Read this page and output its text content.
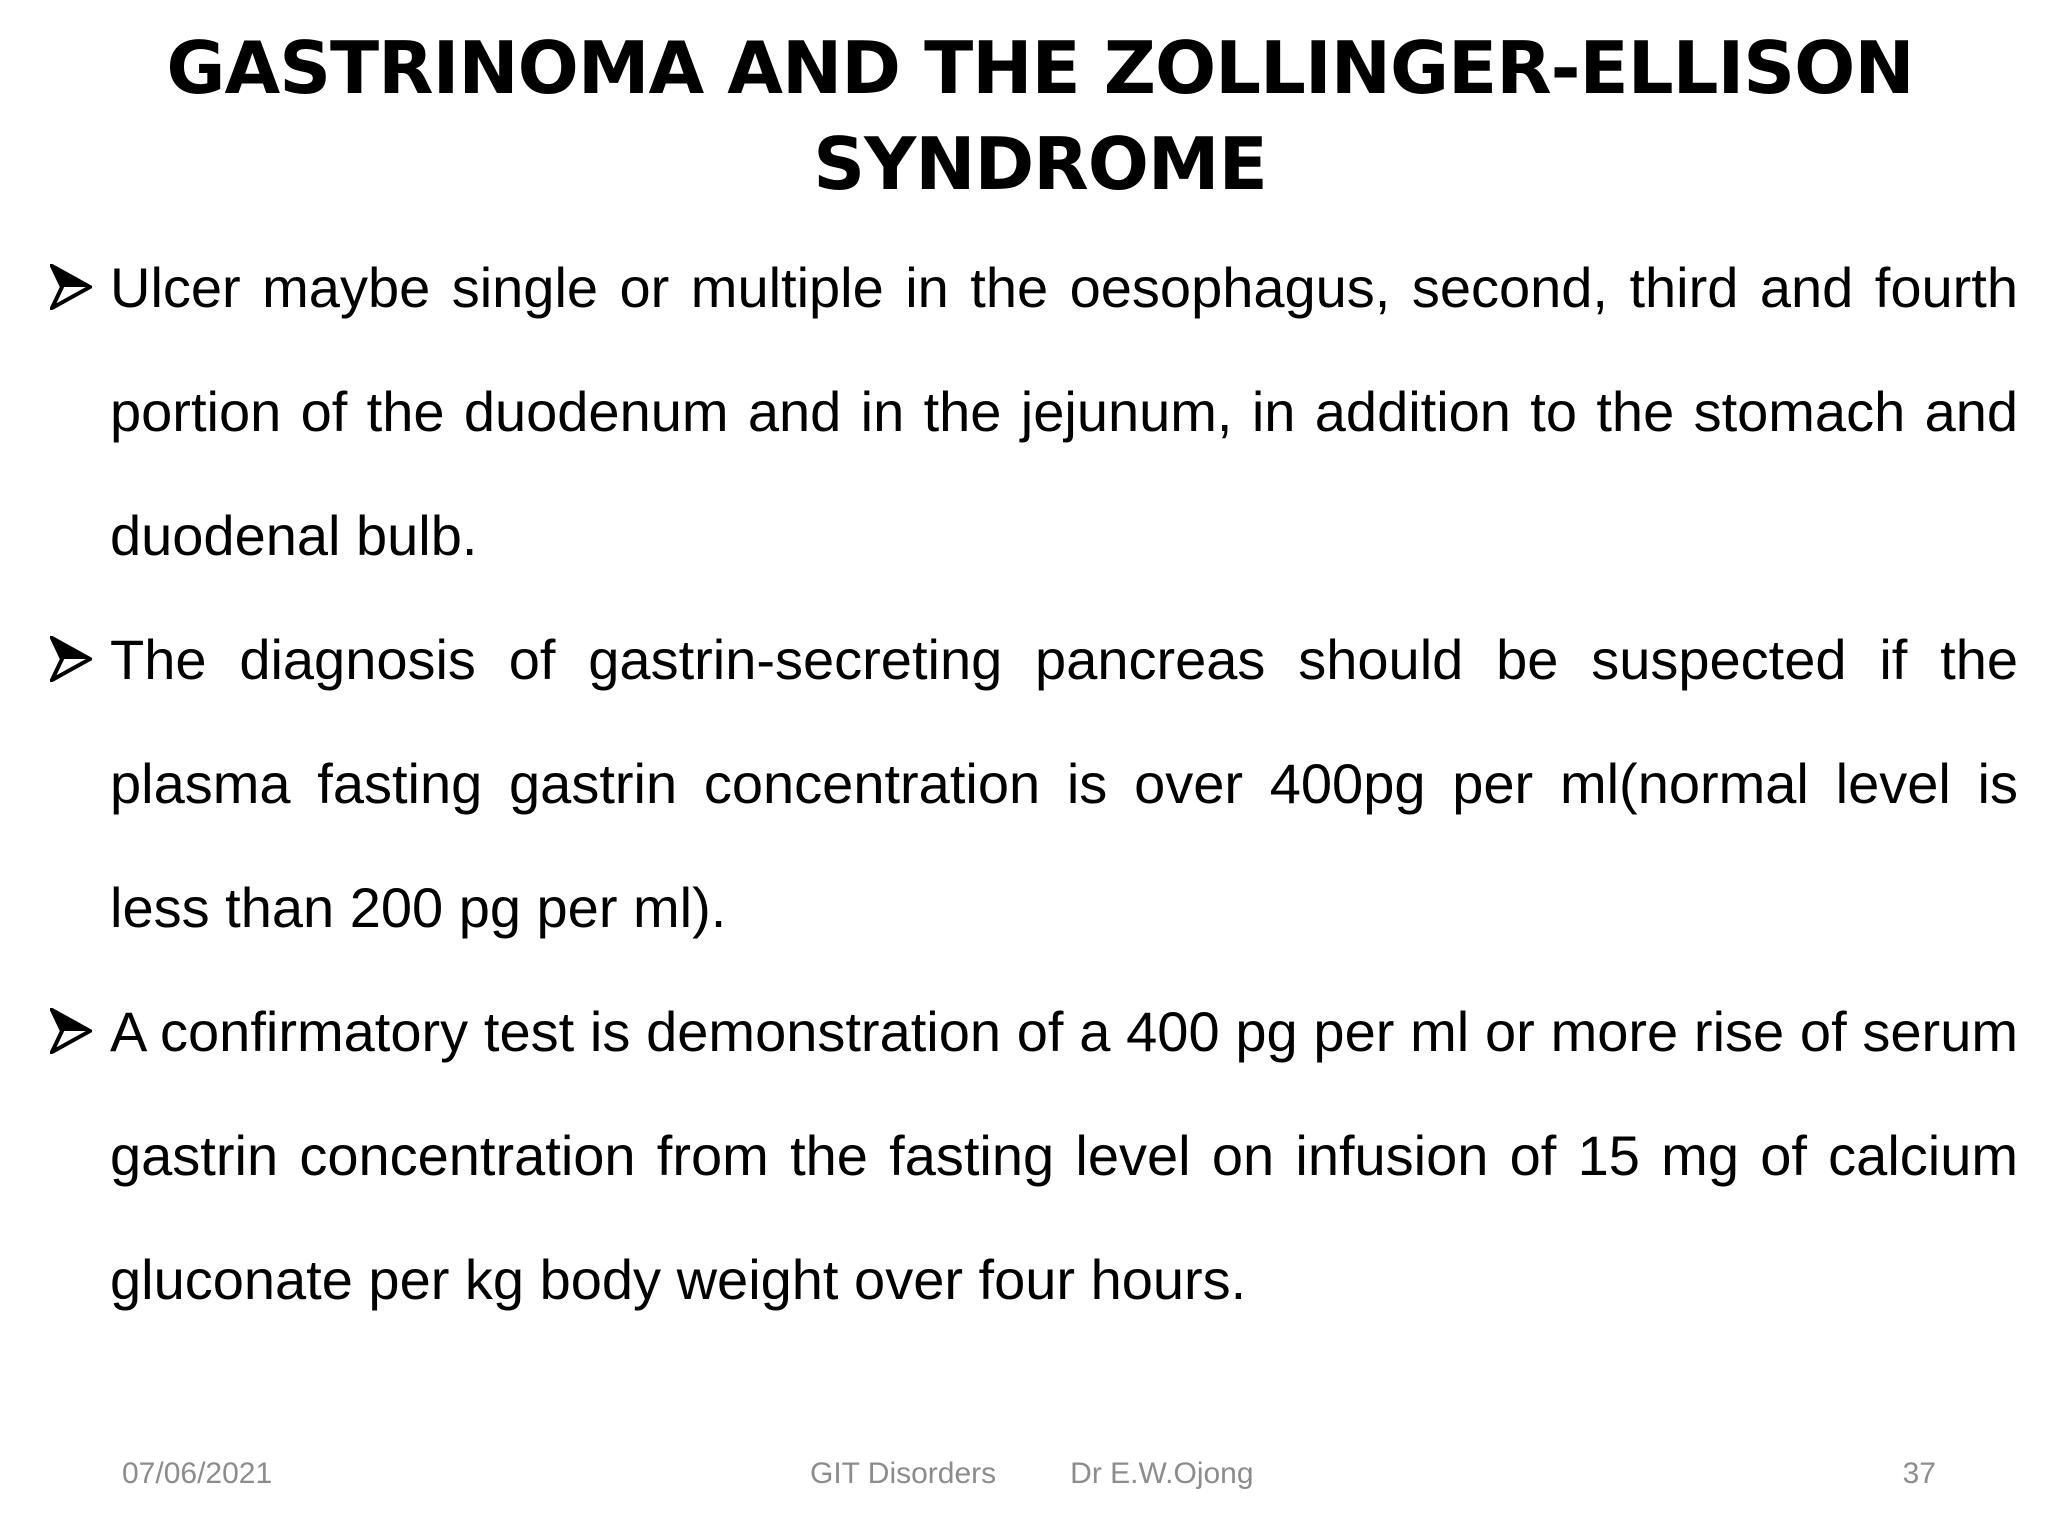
GASTRINOMA AND THE ZOLLINGER-ELLISON
SYNDROME
Ulcer maybe single or multiple in the oesophagus, second, third and fourth portion of the duodenum and in the jejunum, in addition to the stomach and duodenal bulb.
The diagnosis of gastrin-secreting pancreas should be suspected if the plasma fasting gastrin concentration is over 400pg per ml(normal level is less than 200 pg per ml).
A confirmatory test is demonstration of a 400 pg per ml or more rise of serum gastrin concentration from the fasting level on infusion of 15 mg of calcium gluconate per kg body weight over four hours.
07/06/2021	GIT Disorders Dr E.W.Ojong	37
